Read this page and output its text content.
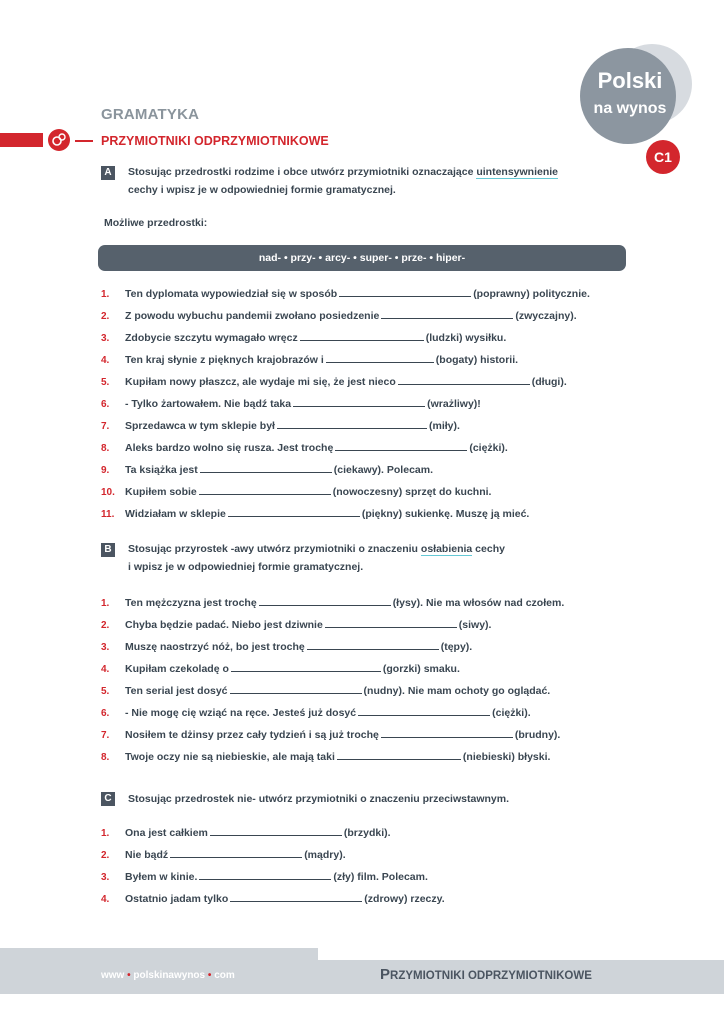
Polski
na wynos
C1
GRAMATYKA
PRZYMIOTNIKI ODPRZYMIOTNIKOWE
A	Stosując przedrostki rodzime i obce utwórz przymiotniki oznaczające uintensywnienie
cechy i wpisz je w odpowiedniej formie gramatycznej.
Możliwe przedrostki:
nad- • przy- • arcy- • super- • prze- • hiper-
1.	Ten dyplomata wypowiedział się w sposób	(poprawny) politycznie.
2.	Z powodu wybuchu pandemii zwołano posiedzenie	(zwyczajny).
3.	Zdobycie szczytu wymagało wręcz	(ludzki) wysiłku.
4.	Ten kraj słynie z pięknych krajobrazów i	(bogaty) historii.
5.	Kupiłam nowy płaszcz, ale wydaje mi się, że jest nieco	(długi).
6.	- Tylko żartowałem. Nie bądź taka	(wrażliwy)!
7.	Sprzedawca w tym sklepie był	(miły).
8.	Aleks bardzo wolno się rusza. Jest trochę	(ciężki).
9.	Ta książka jest	(ciekawy). Polecam.
10. Kupiłem sobie	(nowoczesny) sprzęt do kuchni.
11.	Widziałam w sklepie	(piękny) sukienkę. Muszę ją mieć.
B	Stosując przyrostek -awy utwórz przymiotniki o znaczeniu osłabienia cechy
i wpisz je w odpowiedniej formie gramatycznej.
1.	Ten mężczyzna jest trochę	(łysy). Nie ma włosów nad czołem.
2.	Chyba będzie padać. Niebo jest dziwnie	(siwy).
3.	Muszę naostrzyć nóż, bo jest trochę	(tępy).
4.	Kupiłam czekoladę o	(gorzki) smaku.
5.	Ten serial jest dosyć	(nudny). Nie mam ochoty go oglądać.
6.	- Nie mogę cię wziąć na ręce. Jesteś już dosyć	(ciężki).
7.	Nosiłem te dżinsy przez cały tydzień i są już trochę	(brudny).
8.	Twoje oczy nie są niebieskie, ale mają taki	(niebieski) błyski.
C	Stosując przedrostek nie- utwórz przymiotniki o znaczeniu przeciwstawnym.
1.	Ona jest całkiem	(brzydki).
2.	Nie bądź	(mądry).
3.	Byłem w kinie.	(zły) film. Polecam.
4.	Ostatnio jadam tylko	(zdrowy) rzeczy.
www • polskinawynos • com	PRZYMIOTNIKI ODPRZYMIOTNIKOWE
